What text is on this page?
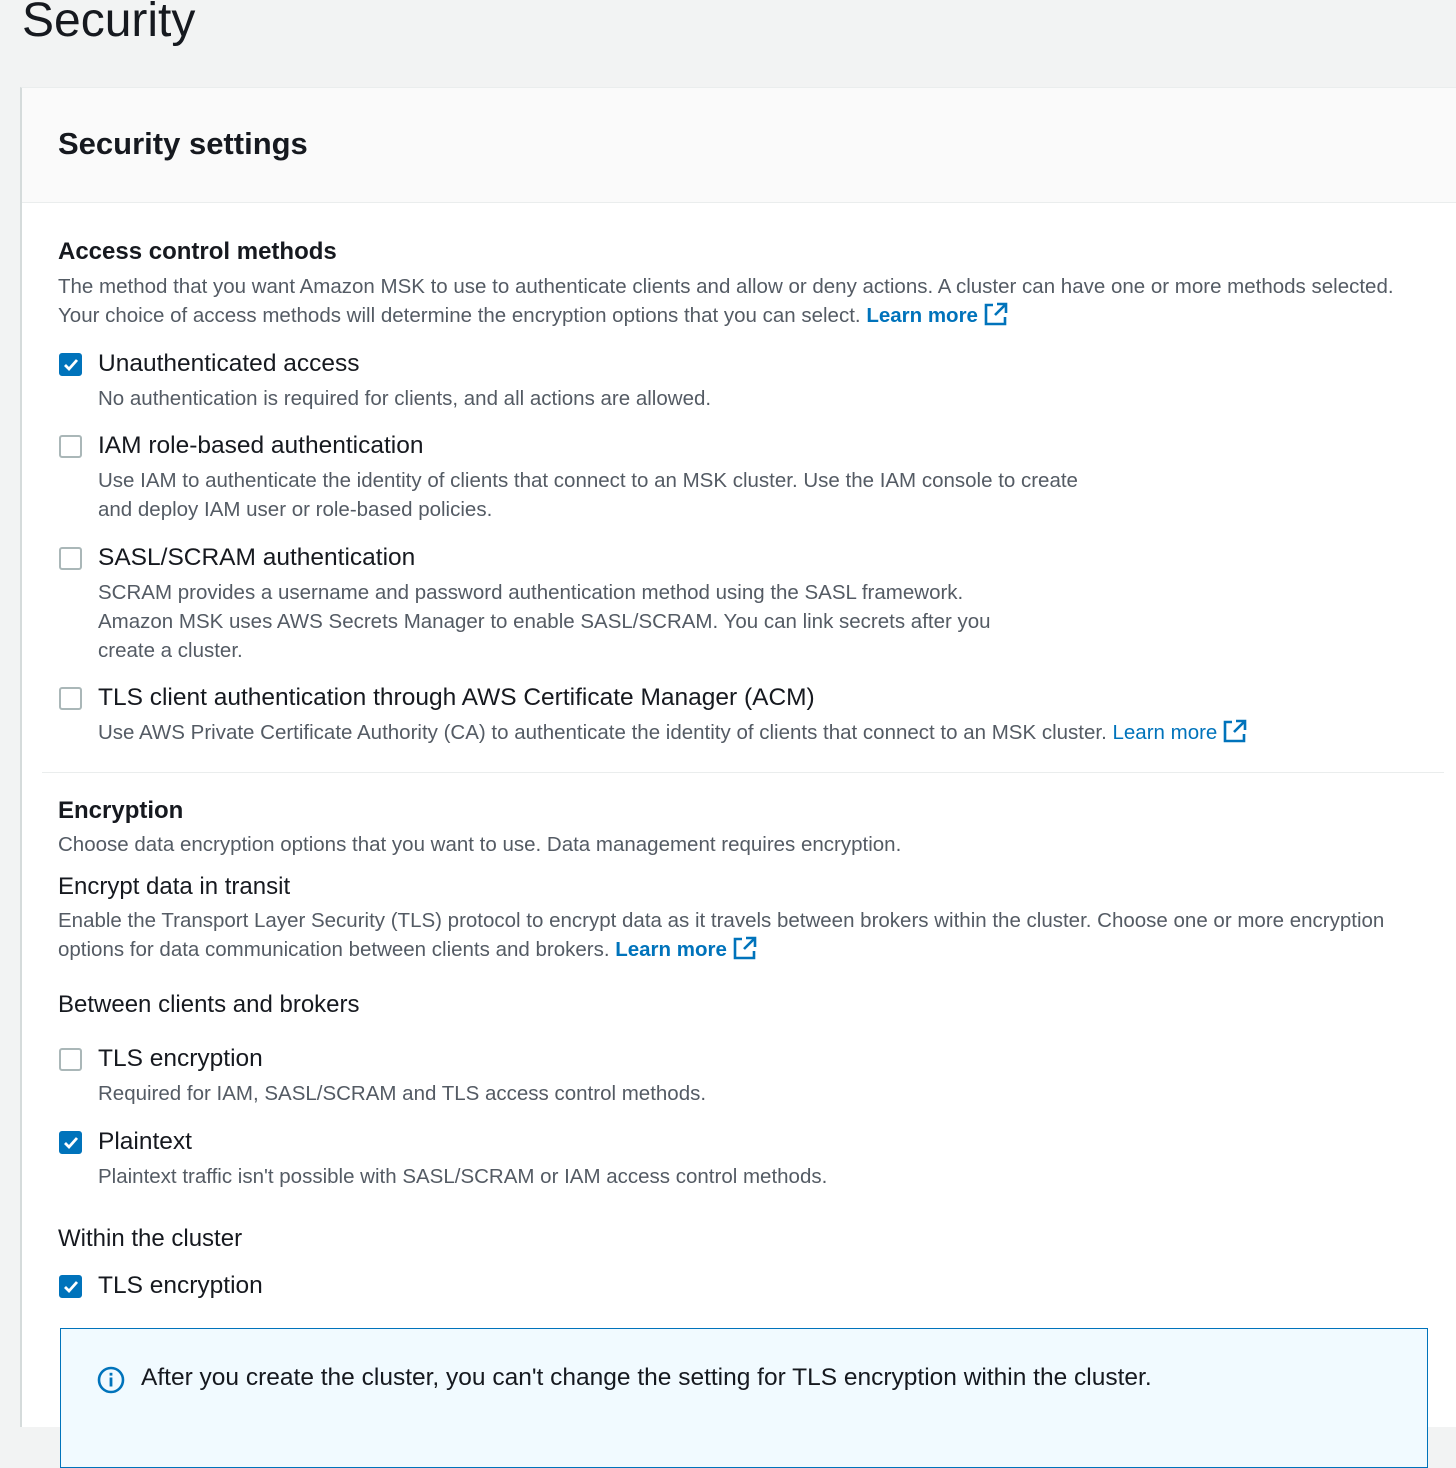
Security
Security settings
Access control methods

The method that you want Amazon MSK to use to authenticate clients and allow or deny actions. A cluster can have one or more methods selected. Your choice of access methods will determine the encryption options that you can select. Learn more

Unauthenticated access

No authentication is required for clients, and all actions are allowed.

IAM role-based authentication

Use IAM to authenticate the identity of clients that connect to an MSK cluster. Use the IAM console to create and deploy IAM user or role-based policies.

SASL/SCRAM authentication

SCRAM provides a username and password authentication method using the SASL framework. Amazon MSK uses AWS Secrets Manager to enable SASL/SCRAM. You can link secrets after you create a cluster.

TLS client authentication through AWS Certificate Manager (ACM)

Use AWS Private Certificate Authority (CA) to authenticate the identity of clients that connect to an MSK cluster. Learn more

Encryption

Choose data encryption options that you want to use. Data management requires encryption.

Encrypt data in transit

Enable the Transport Layer Security (TLS) protocol to encrypt data as it travels between brokers within the cluster. Choose one or more encryption options for data communication between clients and brokers. Learn more

Between clients and brokers

TLS encryption

Required for IAM, SASL/SCRAM and TLS access control methods.

Plaintext

Plaintext traffic isn't possible with SASL/SCRAM or IAM access control methods.

Within the cluster

TLS encryption

After you create the cluster, you can't change the setting for TLS encryption within the cluster.
